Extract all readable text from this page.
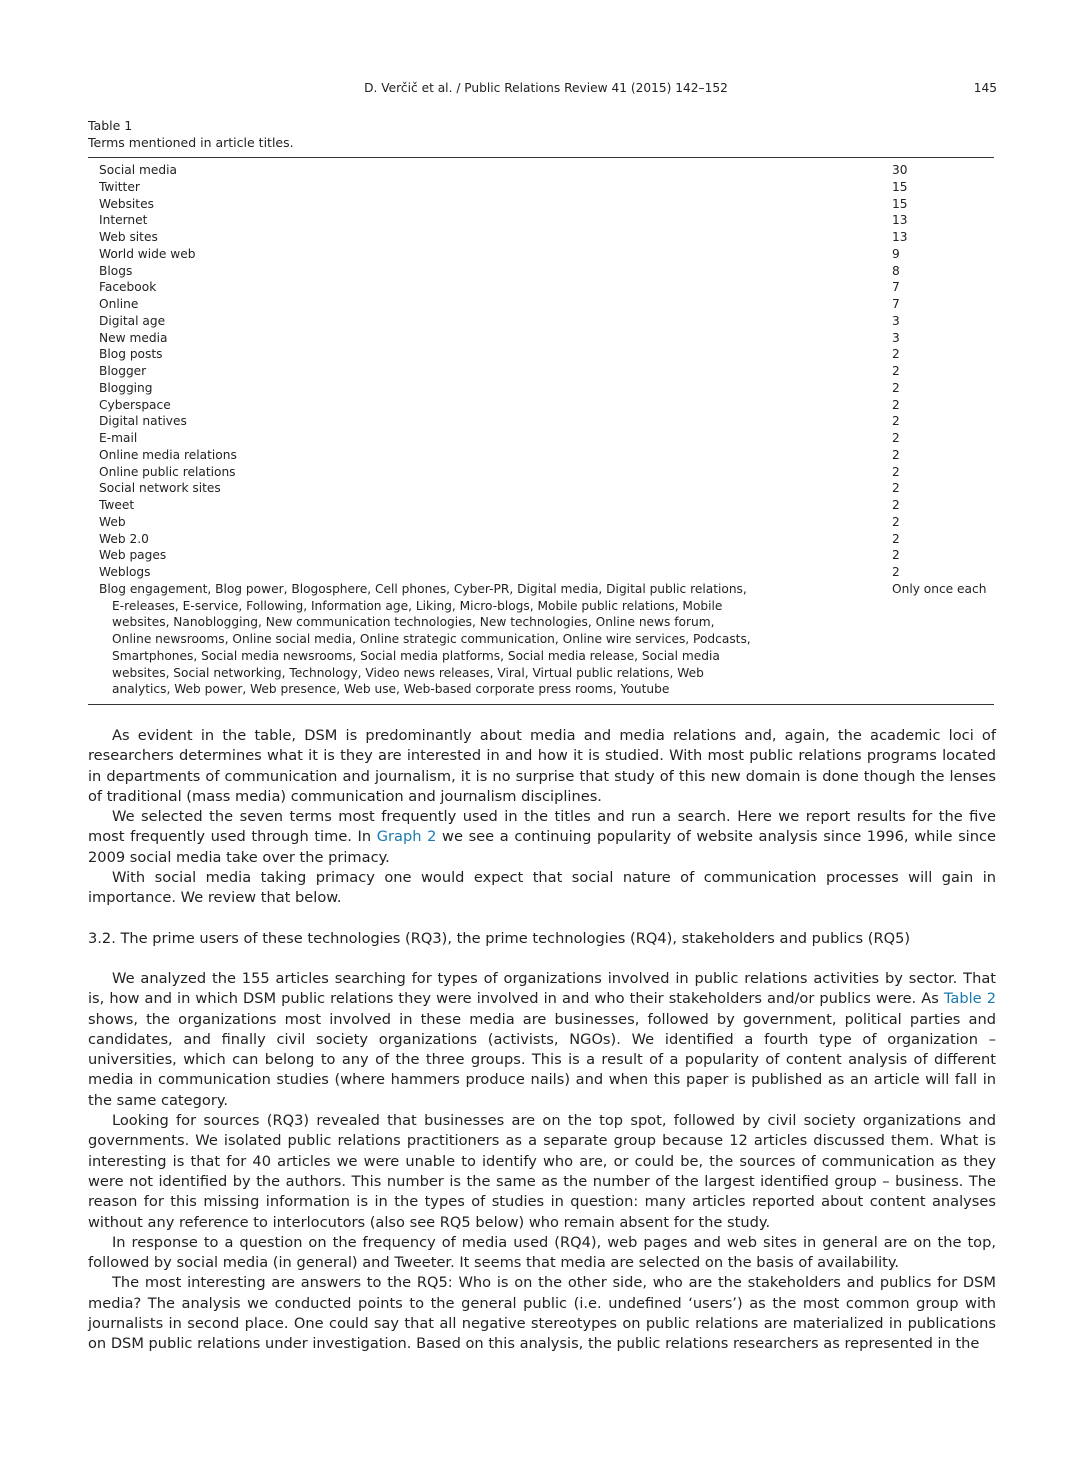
D. Verčič et al. / Public Relations Review 41 (2015) 142–152	145
Table 1
Terms mentioned in article titles.
Social media	30
Twitter	15
Websites	15
Internet	13
Web sites	13
World wide web	9
Blogs	8
Facebook	7
Online	7
Digital age	3
New media	3
Blog posts	2
Blogger	2
Blogging	2
Cyberspace	2
Digital natives	2
E-mail	2
Online media relations	2
Online public relations	2
Social network sites	2
Tweet	2
Web	2
Web 2.0	2
Web pages	2
Weblogs	2

Blog engagement, Blog power, Blogosphere, Cell phones, Cyber-PR, Digital media, Digital public relations, E-releases, E-service, Following, Information age, Liking, Micro-blogs, Mobile public relations, Mobile websites, Nanoblogging, New communication technologies, New technologies, Online news forum, Online newsrooms, Online social media, Online strategic communication, Online wire services, Podcasts, Smartphones, Social media newsrooms, Social media platforms, Social media release, Social media websites, Social networking, Technology, Video news releases, Viral, Virtual public relations, Web analytics, Web power, Web presence, Web use, Web-based corporate press rooms, Youtube	Only once each

As evident in the table, DSM is predominantly about media and media relations and, again, the academic loci of researchers determines what it is they are interested in and how it is studied. With most public relations programs located in departments of communication and journalism, it is no surprise that study of this new domain is done though the lenses of traditional (mass media) communication and journalism disciplines.

We selected the seven terms most frequently used in the titles and run a search. Here we report results for the five most frequently used through time. In Graph 2 we see a continuing popularity of website analysis since 1996, while since 2009 social media take over the primacy.

With social media taking primacy one would expect that social nature of communication processes will gain in importance. We review that below.

3.2. The prime users of these technologies (RQ3), the prime technologies (RQ4), stakeholders and publics (RQ5)

We analyzed the 155 articles searching for types of organizations involved in public relations activities by sector. That is, how and in which DSM public relations they were involved in and who their stakeholders and/or publics were. As Table 2 shows, the organizations most involved in these media are businesses, followed by government, political parties and candidates, and finally civil society organizations (activists, NGOs). We identified a fourth type of organization – universities, which can belong to any of the three groups. This is a result of a popularity of content analysis of different media in communication studies (where hammers produce nails) and when this paper is published as an article will fall in the same category.

Looking for sources (RQ3) revealed that businesses are on the top spot, followed by civil society organizations and governments. We isolated public relations practitioners as a separate group because 12 articles discussed them. What is interesting is that for 40 articles we were unable to identify who are, or could be, the sources of communication as they were not identified by the authors. This number is the same as the number of the largest identified group – business. The reason for this missing information is in the types of studies in question: many articles reported about content analyses without any reference to interlocutors (also see RQ5 below) who remain absent for the study.

In response to a question on the frequency of media used (RQ4), web pages and web sites in general are on the top, followed by social media (in general) and Tweeter. It seems that media are selected on the basis of availability.

The most interesting are answers to the RQ5: Who is on the other side, who are the stakeholders and publics for DSM media? The analysis we conducted points to the general public (i.e. undefined ‘users’) as the most common group with journalists in second place. One could say that all negative stereotypes on public relations are materialized in publications on DSM public relations under investigation. Based on this analysis, the public relations researchers as represented in the
